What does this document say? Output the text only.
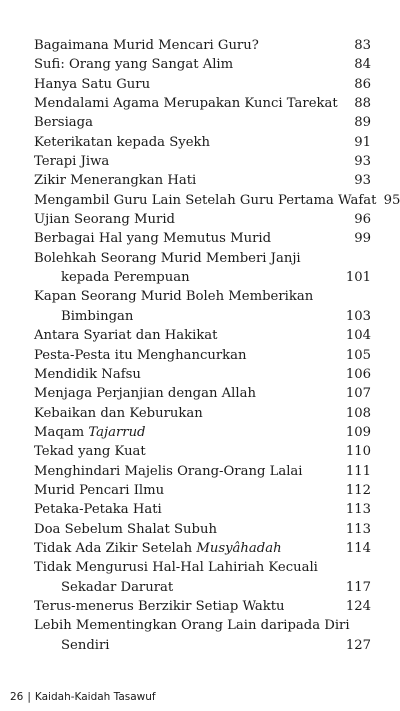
Bagaimana Murid Mencari Guru?	83
Sufi: Orang yang Sangat Alim	84
Hanya Satu Guru	86
Mendalami Agama Merupakan Kunci Tarekat	88
Bersiaga	89
Keterikatan kepada Syekh	91
Terapi Jiwa	93
Zikir Menerangkan Hati	93
Mengambil Guru Lain Setelah Guru Pertama Wafat 95
Ujian Seorang Murid	96
Berbagai Hal yang Memutus Murid	99
Bolehkah Seorang Murid Memberi Janji
kepada Perempuan	101
Kapan Seorang Murid Boleh Memberikan
Bimbingan	103
Antara Syariat dan Hakikat	104
Pesta-Pesta itu Menghancurkan	105
Mendidik Nafsu	106
Menjaga Perjanjian dengan Allah	107
Kebaikan dan Keburukan	108
Maqam Tajarrud	109
Tekad yang Kuat	110
Menghindari Majelis Orang-Orang Lalai	111
Murid Pencari Ilmu	112
Petaka-Petaka Hati	113
Doa Sebelum Shalat Subuh	113
Tidak Ada Zikir Setelah Musyâhadah	114
Tidak Mengurusi Hal-Hal Lahiriah Kecuali
Sekadar Darurat	117
Terus-menerus Berzikir Setiap Waktu	124
Lebih Mementingkan Orang Lain daripada Diri
Sendiri	127
26 | Kaidah-Kaidah Tasawuf
